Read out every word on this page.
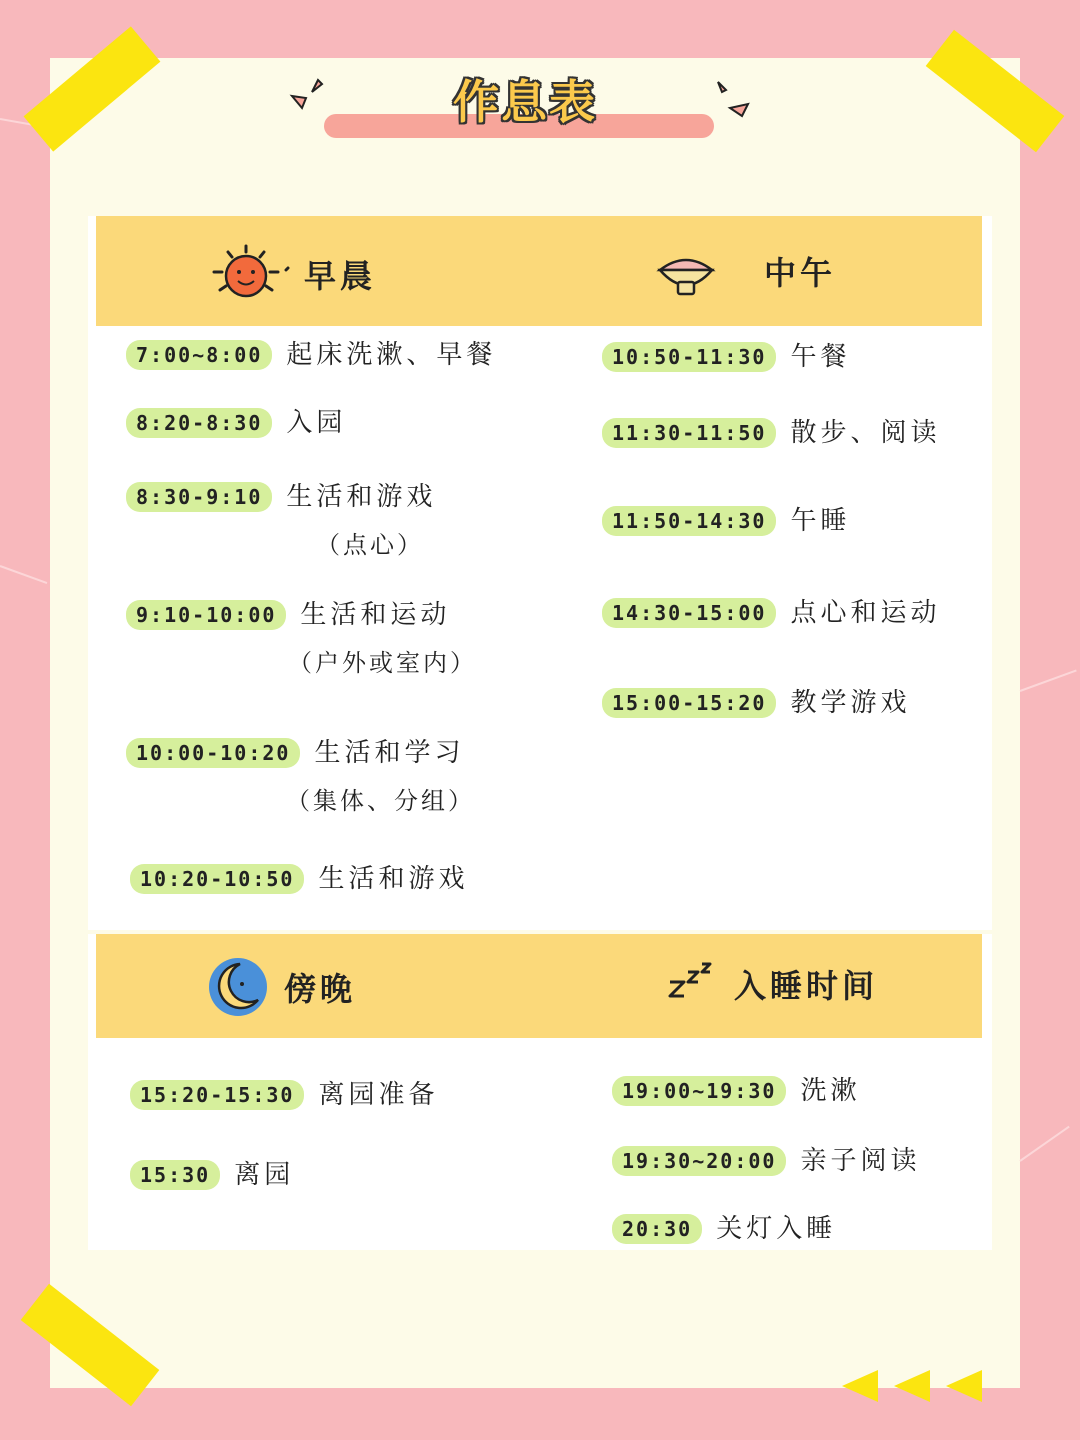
作息表
早晨	中午
傍晚	入睡时间
7:00~8:00 起床洗漱、早餐
8:20-8:30 入园
8:30-9:10 生活和游戏
（点心）
9:10-10:00 生活和运动
（户外或室内）
10:00-10:20 生活和学习
（集体、分组）
10:20-10:50 生活和游戏
10:50-11:30 午餐
11:30-11:50 散步、阅读
11:50-14:30 午睡
14:30-15:00 点心和运动
15:00-15:20 教学游戏
15:20-15:30 离园准备
15:30 离园
19:00~19:30 洗漱
19:30~20:00 亲子阅读
20:30 关灯入睡
